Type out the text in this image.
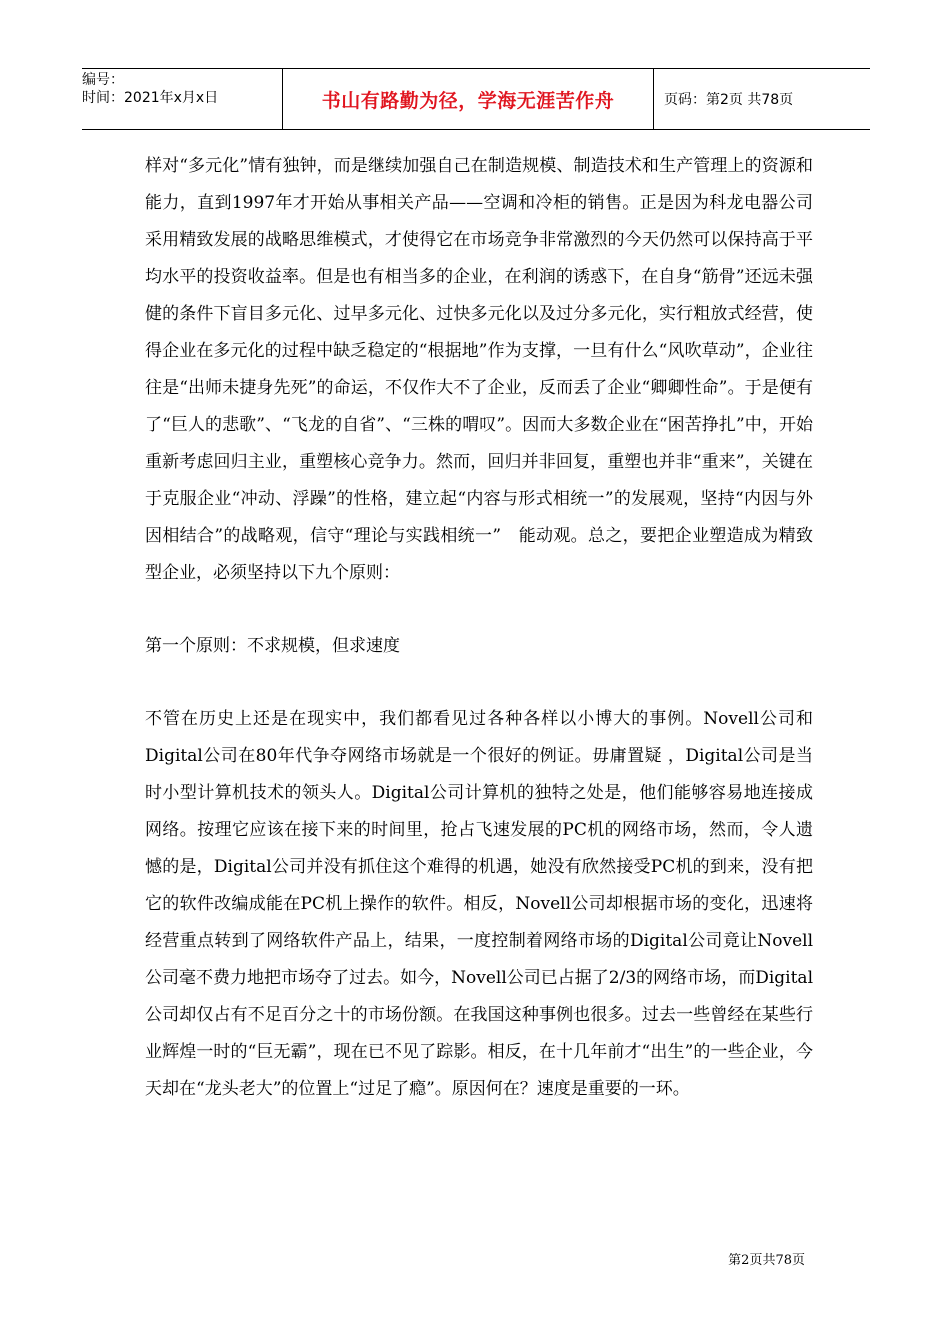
编号：
时间：2021年x月x日	书山有路勤为径，学海无涯苦作舟	页码：第2页 共78页

样对“多元化”情有独钟，而是继续加强自己在制造规模、制造技术和生产管理上的资源和能力，直到1997年才开始从事相关产品——空调和冷柜的销售。正是因为科龙电器公司采用精致发展的战略思维模式，才使得它在市场竞争非常激烈的今天仍然可以保持高于平均水平的投资收益率。但是也有相当多的企业，在利润的诱惑下，在自身“筋骨”还远未强健的条件下盲目多元化、过早多元化、过快多元化以及过分多元化，实行粗放式经营，使得企业在多元化的过程中缺乏稳定的“根据地”作为支撑，一旦有什么“风吹草动”，企业往往是“出师未捷身先死”的命运，不仅作大不了企业，反而丢了企业“卿卿性命”。于是便有了“巨人的悲歌”、“飞龙的自省”、“三株的喟叹”。因而大多数企业在“困苦挣扎”中，开始重新考虑回归主业，重塑核心竞争力。然而，回归并非回复，重塑也并非“重来”，关键在于克服企业“冲动、浮躁”的性格，建立起“内容与形式相统一”的发展观，坚持“内因与外因相结合”的战略观，信守“理论与实践相统一”　能动观。总之，要把企业塑造成为精致型企业，必须坚持以下九个原则：

第一个原则：不求规模，但求速度

不管在历史上还是在现实中，我们都看见过各种各样以小博大的事例。Novell公司和　Digital公司在80年代争夺网络市场就是一个很好的例证。毋庸置疑 ，Digital公司是当时小型计算机技术的领头人。Digital公司计算机的独特之处是，他们能够容易地连接成网络。按理它应该在接下来的时间里，抢占飞速发展的PC机的网络市场，然而，令人遗憾的是，Digital公司并没有抓住这个难得的机遇，她没有欣然接受PC机的到来，没有把它的软件改编成能在PC机上操作的软件。相反，Novell公司却根据市场的变化，迅速将经营重点转到了网络软件产品上，结果，一度控制着网络市场的Digital公司竟让Novell公司毫不费力地把市场夺了过去。如今，Novell公司已占据了2/3的网络市场，而Digital公司却仅占有不足百分之十的市场份额。在我国这种事例也很多。过去一些曾经在某些行业辉煌一时的“巨无霸”，现在已不见了踪影。相反，在十几年前才“出生”的一些企业，今天却在“龙头老大”的位置上“过足了瘾”。原因何在？速度是重要的一环。

第2页共78页
